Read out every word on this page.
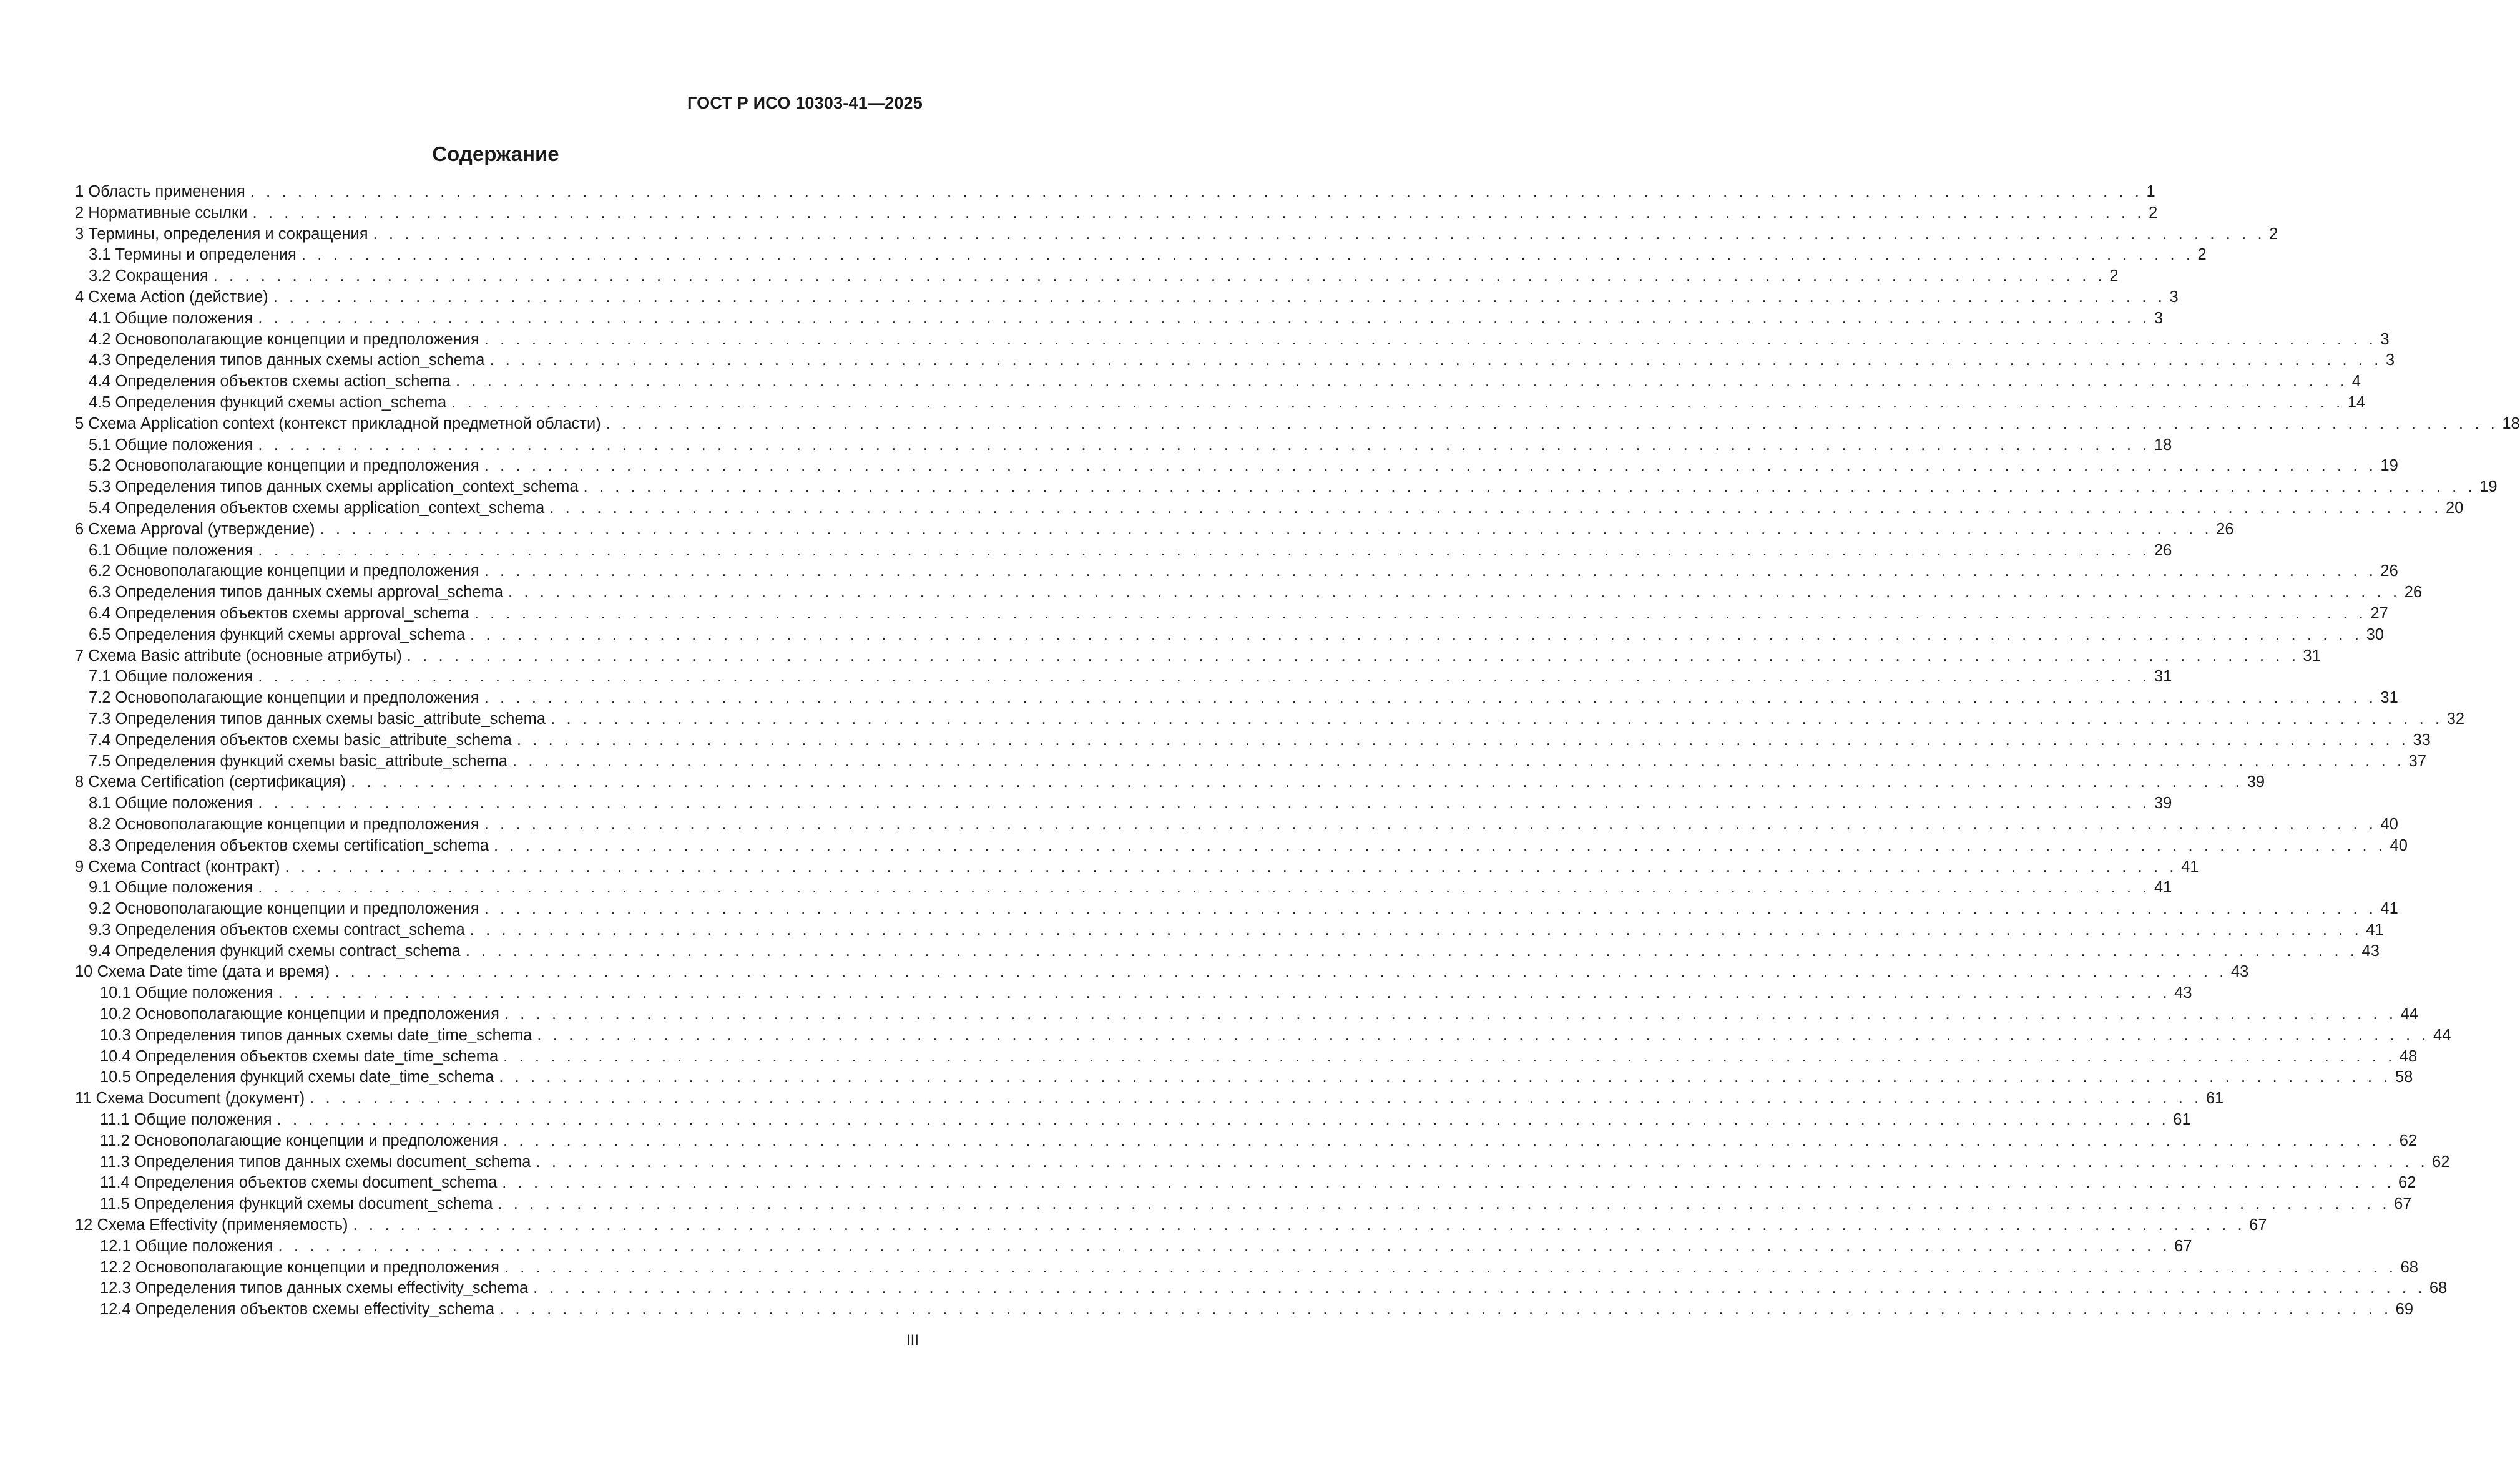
ГОСТ Р ИСО 10303-41—2025
Содержание
1 Область применения . . . . . . . . . . . . . . . . . . . . . . . . . . . . . . . . . . . . . . . . . . . . . . . . . . . . . . . . . . . . . . . . . . . . . . . . . . . . . . . . . . . . . . . . . . . . . . . . . . . . . . . . . . . . . . . . . . . . . . . . 1
2 Нормативные ссылки . . . . . . . . . . . . . . . . . . . . . . . . . . . . . . . . . . . . . . . . . . . . . . . . . . . . . . . . . . . . . . . . . . . . . . . . . . . . . . . . . . . . . . . . . . . . . . . . . . . . . . . . . . . . . . . . . . . . . . . . 2
3 Термины, определения и сокращения . . . . . . . . . . . . . . . . . . . . . . . . . . . . . . . . . . . . . . . . . . . . . . . . . . . . . . . . . . . . . . . . . . . . . . . . . . . . . . . . . . . . . . . . . . . . . . . . . . . . . . . . . . . . . . . . . . . . . . . . 2
3.1 Термины и определения . . . . . . . . . . . . . . . . . . . . . . . . . . . . . . . . . . . . . . . . . . . . . . . . . . . . . . . . . . . . . . . . . . . . . . . . . . . . . . . . . . . . . . . . . . . . . . . . . . . . . . . . . . . . . . . . . . . . . . . . 2
3.2 Сокращения . . . . . . . . . . . . . . . . . . . . . . . . . . . . . . . . . . . . . . . . . . . . . . . . . . . . . . . . . . . . . . . . . . . . . . . . . . . . . . . . . . . . . . . . . . . . . . . . . . . . . . . . . . . . . . . . . . . . . . . . 2
4 Схема Action (действие) . . . . . . . . . . . . . . . . . . . . . . . . . . . . . . . . . . . . . . . . . . . . . . . . . . . . . . . . . . . . . . . . . . . . . . . . . . . . . . . . . . . . . . . . . . . . . . . . . . . . . . . . . . . . . . . . . . . . . . . . 3
4.1 Общие положения . . . . . . . . . . . . . . . . . . . . . . . . . . . . . . . . . . . . . . . . . . . . . . . . . . . . . . . . . . . . . . . . . . . . . . . . . . . . . . . . . . . . . . . . . . . . . . . . . . . . . . . . . . . . . . . . . . . . . . . . 3
4.2 Основополагающие концепции и предположения . . . . . . . . . . . . . . . . . . . . . . . . . . . . . . . . . . . . . . . . . . . . . . . . . . . . . . . . . . . . . . . . . . . . . . . . . . . . . . . . . . . . . . . . . . . . . . . . . . . . . . . . . . . . . . . . . . . . . . . . 3
4.3 Определения типов данных схемы action_schema . . . . . . . . . . . . . . . . . . . . . . . . . . . . . . . . . . . . . . . . . . . . . . . . . . . . . . . . . . . . . . . . . . . . . . . . . . . . . . . . . . . . . . . . . . . . . . . . . . . . . . . . . . . . . . . . . . . . . . . . 3
4.4 Определения объектов схемы action_schema . . . . . . . . . . . . . . . . . . . . . . . . . . . . . . . . . . . . . . . . . . . . . . . . . . . . . . . . . . . . . . . . . . . . . . . . . . . . . . . . . . . . . . . . . . . . . . . . . . . . . . . . . . . . . . . . . . . . . . . . 4
4.5 Определения функций схемы action_schema . . . . . . . . . . . . . . . . . . . . . . . . . . . . . . . . . . . . . . . . . . . . . . . . . . . . . . . . . . . . . . . . . . . . . . . . . . . . . . . . . . . . . . . . . . . . . . . . . . . . . . . . . . . . . . . . . . . . . . . . 14
5 Схема Application context (контекст прикладной предметной области) . . . . . . . . . . . . . . . . . . . . . . . . . . . . . . . . . . . . . . . . . . . . . . . . . . . . . . . . . . . . . . . . . . . . . . . . . . . . . . . . . . . . . . . . . . . . . . . . . . . . . . . . . . . . . . . . . . . . . . . . 18
5.1 Общие положения . . . . . . . . . . . . . . . . . . . . . . . . . . . . . . . . . . . . . . . . . . . . . . . . . . . . . . . . . . . . . . . . . . . . . . . . . . . . . . . . . . . . . . . . . . . . . . . . . . . . . . . . . . . . . . . . . . . . . . . . 18
5.2 Основополагающие концепции и предположения . . . . . . . . . . . . . . . . . . . . . . . . . . . . . . . . . . . . . . . . . . . . . . . . . . . . . . . . . . . . . . . . . . . . . . . . . . . . . . . . . . . . . . . . . . . . . . . . . . . . . . . . . . . . . . . . . . . . . . . . 19
5.3 Определения типов данных схемы application_context_schema . . . . . . . . . . . . . . . . . . . . . . . . . . . . . . . . . . . . . . . . . . . . . . . . . . . . . . . . . . . . . . . . . . . . . . . . . . . . . . . . . . . . . . . . . . . . . . . . . . . . . . . . . . . . . . . . . . . . . . . . 19
5.4 Определения объектов схемы application_context_schema . . . . . . . . . . . . . . . . . . . . . . . . . . . . . . . . . . . . . . . . . . . . . . . . . . . . . . . . . . . . . . . . . . . . . . . . . . . . . . . . . . . . . . . . . . . . . . . . . . . . . . . . . . . . . . . . . . . . . . . . 20
6 Схема Approval (утверждение) . . . . . . . . . . . . . . . . . . . . . . . . . . . . . . . . . . . . . . . . . . . . . . . . . . . . . . . . . . . . . . . . . . . . . . . . . . . . . . . . . . . . . . . . . . . . . . . . . . . . . . . . . . . . . . . . . . . . . . . . 26
6.1 Общие положения . . . . . . . . . . . . . . . . . . . . . . . . . . . . . . . . . . . . . . . . . . . . . . . . . . . . . . . . . . . . . . . . . . . . . . . . . . . . . . . . . . . . . . . . . . . . . . . . . . . . . . . . . . . . . . . . . . . . . . . . 26
6.2 Основополагающие концепции и предположения . . . . . . . . . . . . . . . . . . . . . . . . . . . . . . . . . . . . . . . . . . . . . . . . . . . . . . . . . . . . . . . . . . . . . . . . . . . . . . . . . . . . . . . . . . . . . . . . . . . . . . . . . . . . . . . . . . . . . . . . 26
6.3 Определения типов данных схемы approval_schema . . . . . . . . . . . . . . . . . . . . . . . . . . . . . . . . . . . . . . . . . . . . . . . . . . . . . . . . . . . . . . . . . . . . . . . . . . . . . . . . . . . . . . . . . . . . . . . . . . . . . . . . . . . . . . . . . . . . . . . . 26
6.4 Определения объектов схемы approval_schema . . . . . . . . . . . . . . . . . . . . . . . . . . . . . . . . . . . . . . . . . . . . . . . . . . . . . . . . . . . . . . . . . . . . . . . . . . . . . . . . . . . . . . . . . . . . . . . . . . . . . . . . . . . . . . . . . . . . . . . . 27
6.5 Определения функций схемы approval_schema . . . . . . . . . . . . . . . . . . . . . . . . . . . . . . . . . . . . . . . . . . . . . . . . . . . . . . . . . . . . . . . . . . . . . . . . . . . . . . . . . . . . . . . . . . . . . . . . . . . . . . . . . . . . . . . . . . . . . . . . 30
7 Схема Basic attribute (основные атрибуты) . . . . . . . . . . . . . . . . . . . . . . . . . . . . . . . . . . . . . . . . . . . . . . . . . . . . . . . . . . . . . . . . . . . . . . . . . . . . . . . . . . . . . . . . . . . . . . . . . . . . . . . . . . . . . . . . . . . . . . . . 31
7.1 Общие положения . . . . . . . . . . . . . . . . . . . . . . . . . . . . . . . . . . . . . . . . . . . . . . . . . . . . . . . . . . . . . . . . . . . . . . . . . . . . . . . . . . . . . . . . . . . . . . . . . . . . . . . . . . . . . . . . . . . . . . . . 31
7.2 Основополагающие концепции и предположения . . . . . . . . . . . . . . . . . . . . . . . . . . . . . . . . . . . . . . . . . . . . . . . . . . . . . . . . . . . . . . . . . . . . . . . . . . . . . . . . . . . . . . . . . . . . . . . . . . . . . . . . . . . . . . . . . . . . . . . . 31
7.3 Определения типов данных схемы basic_attribute_schema . . . . . . . . . . . . . . . . . . . . . . . . . . . . . . . . . . . . . . . . . . . . . . . . . . . . . . . . . . . . . . . . . . . . . . . . . . . . . . . . . . . . . . . . . . . . . . . . . . . . . . . . . . . . . . . . . . . . . . . . 32
7.4 Определения объектов схемы basic_attribute_schema . . . . . . . . . . . . . . . . . . . . . . . . . . . . . . . . . . . . . . . . . . . . . . . . . . . . . . . . . . . . . . . . . . . . . . . . . . . . . . . . . . . . . . . . . . . . . . . . . . . . . . . . . . . . . . . . . . . . . . . . 33
7.5 Определения функций схемы basic_attribute_schema . . . . . . . . . . . . . . . . . . . . . . . . . . . . . . . . . . . . . . . . . . . . . . . . . . . . . . . . . . . . . . . . . . . . . . . . . . . . . . . . . . . . . . . . . . . . . . . . . . . . . . . . . . . . . . . . . . . . . . . . 37
8 Схема Certification (сертификация) . . . . . . . . . . . . . . . . . . . . . . . . . . . . . . . . . . . . . . . . . . . . . . . . . . . . . . . . . . . . . . . . . . . . . . . . . . . . . . . . . . . . . . . . . . . . . . . . . . . . . . . . . . . . . . . . . . . . . . . . 39
8.1 Общие положения . . . . . . . . . . . . . . . . . . . . . . . . . . . . . . . . . . . . . . . . . . . . . . . . . . . . . . . . . . . . . . . . . . . . . . . . . . . . . . . . . . . . . . . . . . . . . . . . . . . . . . . . . . . . . . . . . . . . . . . . 39
8.2 Основополагающие концепции и предположения . . . . . . . . . . . . . . . . . . . . . . . . . . . . . . . . . . . . . . . . . . . . . . . . . . . . . . . . . . . . . . . . . . . . . . . . . . . . . . . . . . . . . . . . . . . . . . . . . . . . . . . . . . . . . . . . . . . . . . . . 40
8.3 Определения объектов схемы certification_schema . . . . . . . . . . . . . . . . . . . . . . . . . . . . . . . . . . . . . . . . . . . . . . . . . . . . . . . . . . . . . . . . . . . . . . . . . . . . . . . . . . . . . . . . . . . . . . . . . . . . . . . . . . . . . . . . . . . . . . . . 40
9 Схема Contract (контракт) . . . . . . . . . . . . . . . . . . . . . . . . . . . . . . . . . . . . . . . . . . . . . . . . . . . . . . . . . . . . . . . . . . . . . . . . . . . . . . . . . . . . . . . . . . . . . . . . . . . . . . . . . . . . . . . . . . . . . . . . 41
9.1 Общие положения . . . . . . . . . . . . . . . . . . . . . . . . . . . . . . . . . . . . . . . . . . . . . . . . . . . . . . . . . . . . . . . . . . . . . . . . . . . . . . . . . . . . . . . . . . . . . . . . . . . . . . . . . . . . . . . . . . . . . . . . 41
9.2 Основополагающие концепции и предположения . . . . . . . . . . . . . . . . . . . . . . . . . . . . . . . . . . . . . . . . . . . . . . . . . . . . . . . . . . . . . . . . . . . . . . . . . . . . . . . . . . . . . . . . . . . . . . . . . . . . . . . . . . . . . . . . . . . . . . . . 41
9.3 Определения объектов схемы contract_schema . . . . . . . . . . . . . . . . . . . . . . . . . . . . . . . . . . . . . . . . . . . . . . . . . . . . . . . . . . . . . . . . . . . . . . . . . . . . . . . . . . . . . . . . . . . . . . . . . . . . . . . . . . . . . . . . . . . . . . . . 41
9.4 Определения функций схемы contract_schema . . . . . . . . . . . . . . . . . . . . . . . . . . . . . . . . . . . . . . . . . . . . . . . . . . . . . . . . . . . . . . . . . . . . . . . . . . . . . . . . . . . . . . . . . . . . . . . . . . . . . . . . . . . . . . . . . . . . . . . . 43
10 Схема Date time (дата и время) . . . . . . . . . . . . . . . . . . . . . . . . . . . . . . . . . . . . . . . . . . . . . . . . . . . . . . . . . . . . . . . . . . . . . . . . . . . . . . . . . . . . . . . . . . . . . . . . . . . . . . . . . . . . . . . . . . . . . . . . 43
10.1 Общие положения . . . . . . . . . . . . . . . . . . . . . . . . . . . . . . . . . . . . . . . . . . . . . . . . . . . . . . . . . . . . . . . . . . . . . . . . . . . . . . . . . . . . . . . . . . . . . . . . . . . . . . . . . . . . . . . . . . . . . . . . 43
10.2 Основополагающие концепции и предположения . . . . . . . . . . . . . . . . . . . . . . . . . . . . . . . . . . . . . . . . . . . . . . . . . . . . . . . . . . . . . . . . . . . . . . . . . . . . . . . . . . . . . . . . . . . . . . . . . . . . . . . . . . . . . . . . . . . . . . . . 44
10.3 Определения типов данных схемы date_time_schema . . . . . . . . . . . . . . . . . . . . . . . . . . . . . . . . . . . . . . . . . . . . . . . . . . . . . . . . . . . . . . . . . . . . . . . . . . . . . . . . . . . . . . . . . . . . . . . . . . . . . . . . . . . . . . . . . . . . . . . . 44
10.4 Определения объектов схемы date_time_schema . . . . . . . . . . . . . . . . . . . . . . . . . . . . . . . . . . . . . . . . . . . . . . . . . . . . . . . . . . . . . . . . . . . . . . . . . . . . . . . . . . . . . . . . . . . . . . . . . . . . . . . . . . . . . . . . . . . . . . . . 48
10.5 Определения функций схемы date_time_schema . . . . . . . . . . . . . . . . . . . . . . . . . . . . . . . . . . . . . . . . . . . . . . . . . . . . . . . . . . . . . . . . . . . . . . . . . . . . . . . . . . . . . . . . . . . . . . . . . . . . . . . . . . . . . . . . . . . . . . . . 58
11 Схема Document (документ) . . . . . . . . . . . . . . . . . . . . . . . . . . . . . . . . . . . . . . . . . . . . . . . . . . . . . . . . . . . . . . . . . . . . . . . . . . . . . . . . . . . . . . . . . . . . . . . . . . . . . . . . . . . . . . . . . . . . . . . . 61
11.1 Общие положения . . . . . . . . . . . . . . . . . . . . . . . . . . . . . . . . . . . . . . . . . . . . . . . . . . . . . . . . . . . . . . . . . . . . . . . . . . . . . . . . . . . . . . . . . . . . . . . . . . . . . . . . . . . . . . . . . . . . . . . . 61
11.2 Основополагающие концепции и предположения . . . . . . . . . . . . . . . . . . . . . . . . . . . . . . . . . . . . . . . . . . . . . . . . . . . . . . . . . . . . . . . . . . . . . . . . . . . . . . . . . . . . . . . . . . . . . . . . . . . . . . . . . . . . . . . . . . . . . . . . 62
11.3 Определения типов данных схемы document_schema . . . . . . . . . . . . . . . . . . . . . . . . . . . . . . . . . . . . . . . . . . . . . . . . . . . . . . . . . . . . . . . . . . . . . . . . . . . . . . . . . . . . . . . . . . . . . . . . . . . . . . . . . . . . . . . . . . . . . . . . 62
11.4 Определения объектов схемы document_schema . . . . . . . . . . . . . . . . . . . . . . . . . . . . . . . . . . . . . . . . . . . . . . . . . . . . . . . . . . . . . . . . . . . . . . . . . . . . . . . . . . . . . . . . . . . . . . . . . . . . . . . . . . . . . . . . . . . . . . . . 62
11.5 Определения функций схемы document_schema . . . . . . . . . . . . . . . . . . . . . . . . . . . . . . . . . . . . . . . . . . . . . . . . . . . . . . . . . . . . . . . . . . . . . . . . . . . . . . . . . . . . . . . . . . . . . . . . . . . . . . . . . . . . . . . . . . . . . . . . 67
12 Схема Effectivity (применяемость) . . . . . . . . . . . . . . . . . . . . . . . . . . . . . . . . . . . . . . . . . . . . . . . . . . . . . . . . . . . . . . . . . . . . . . . . . . . . . . . . . . . . . . . . . . . . . . . . . . . . . . . . . . . . . . . . . . . . . . . . 67
12.1 Общие положения . . . . . . . . . . . . . . . . . . . . . . . . . . . . . . . . . . . . . . . . . . . . . . . . . . . . . . . . . . . . . . . . . . . . . . . . . . . . . . . . . . . . . . . . . . . . . . . . . . . . . . . . . . . . . . . . . . . . . . . . 67
12.2 Основополагающие концепции и предположения . . . . . . . . . . . . . . . . . . . . . . . . . . . . . . . . . . . . . . . . . . . . . . . . . . . . . . . . . . . . . . . . . . . . . . . . . . . . . . . . . . . . . . . . . . . . . . . . . . . . . . . . . . . . . . . . . . . . . . . . 68
12.3 Определения типов данных схемы effectivity_schema . . . . . . . . . . . . . . . . . . . . . . . . . . . . . . . . . . . . . . . . . . . . . . . . . . . . . . . . . . . . . . . . . . . . . . . . . . . . . . . . . . . . . . . . . . . . . . . . . . . . . . . . . . . . . . . . . . . . . . . . 68
12.4 Определения объектов схемы effectivity_schema . . . . . . . . . . . . . . . . . . . . . . . . . . . . . . . . . . . . . . . . . . . . . . . . . . . . . . . . . . . . . . . . . . . . . . . . . . . . . . . . . . . . . . . . . . . . . . . . . . . . . . . . . . . . . . . . . . . . . . . . 69
III
